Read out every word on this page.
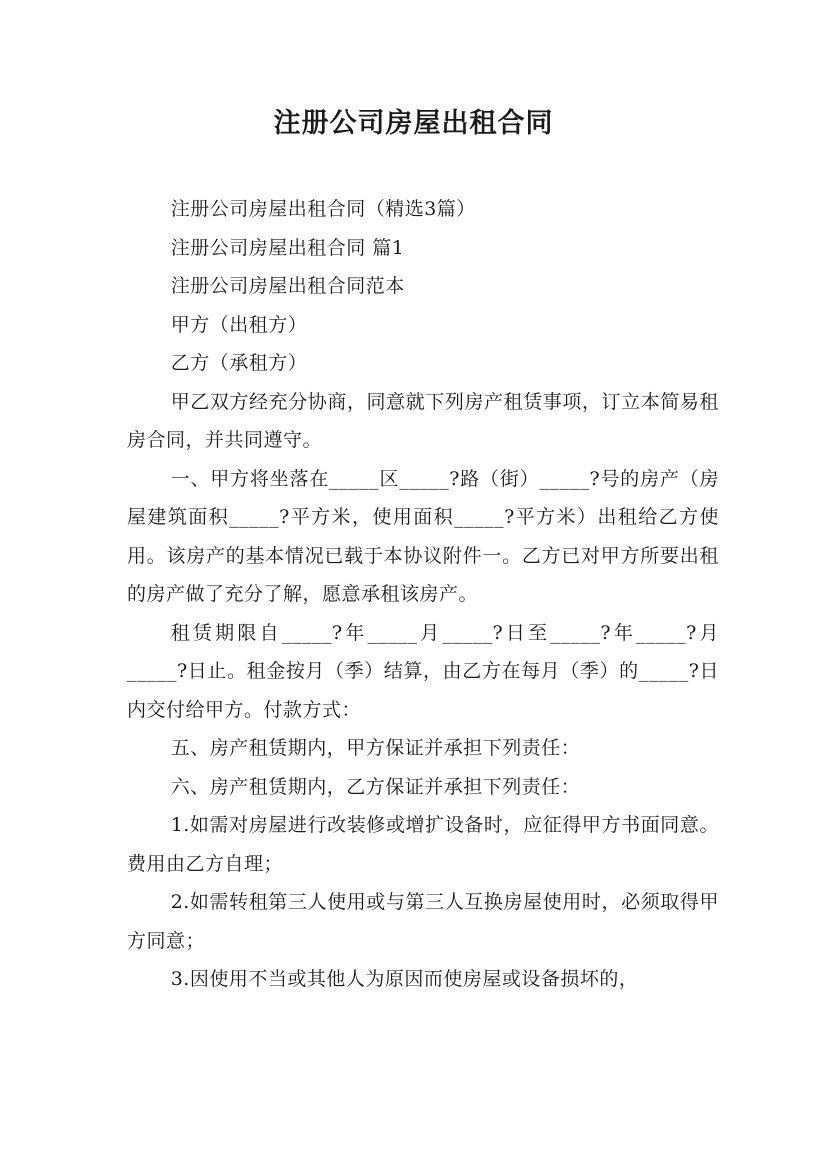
注册公司房屋出租合同

注册公司房屋出租合同（精选3篇）

注册公司房屋出租合同 篇1

注册公司房屋出租合同范本

甲方（出租方）

乙方（承租方）

甲乙双方经充分协商，同意就下列房产租赁事项，订立本简易租房合同，并共同遵守。

一、甲方将坐落在_____区_____?路（街）_____?号的房产（房屋建筑面积_____?平方米，使用面积_____?平方米）出租给乙方使用。该房产的基本情况已载于本协议附件一。乙方已对甲方所要出租的房产做了充分了解，愿意承租该房产。

租赁期限自_____?年_____月_____?日至_____?年_____?月_____?日止。租金按月（季）结算，由乙方在每月（季）的_____?日内交付给甲方。付款方式：

五、房产租赁期内，甲方保证并承担下列责任：

六、房产租赁期内，乙方保证并承担下列责任：

1.如需对房屋进行改装修或增扩设备时，应征得甲方书面同意。费用由乙方自理；

2.如需转租第三人使用或与第三人互换房屋使用时，必须取得甲方同意；

3.因使用不当或其他人为原因而使房屋或设备损坏的，
